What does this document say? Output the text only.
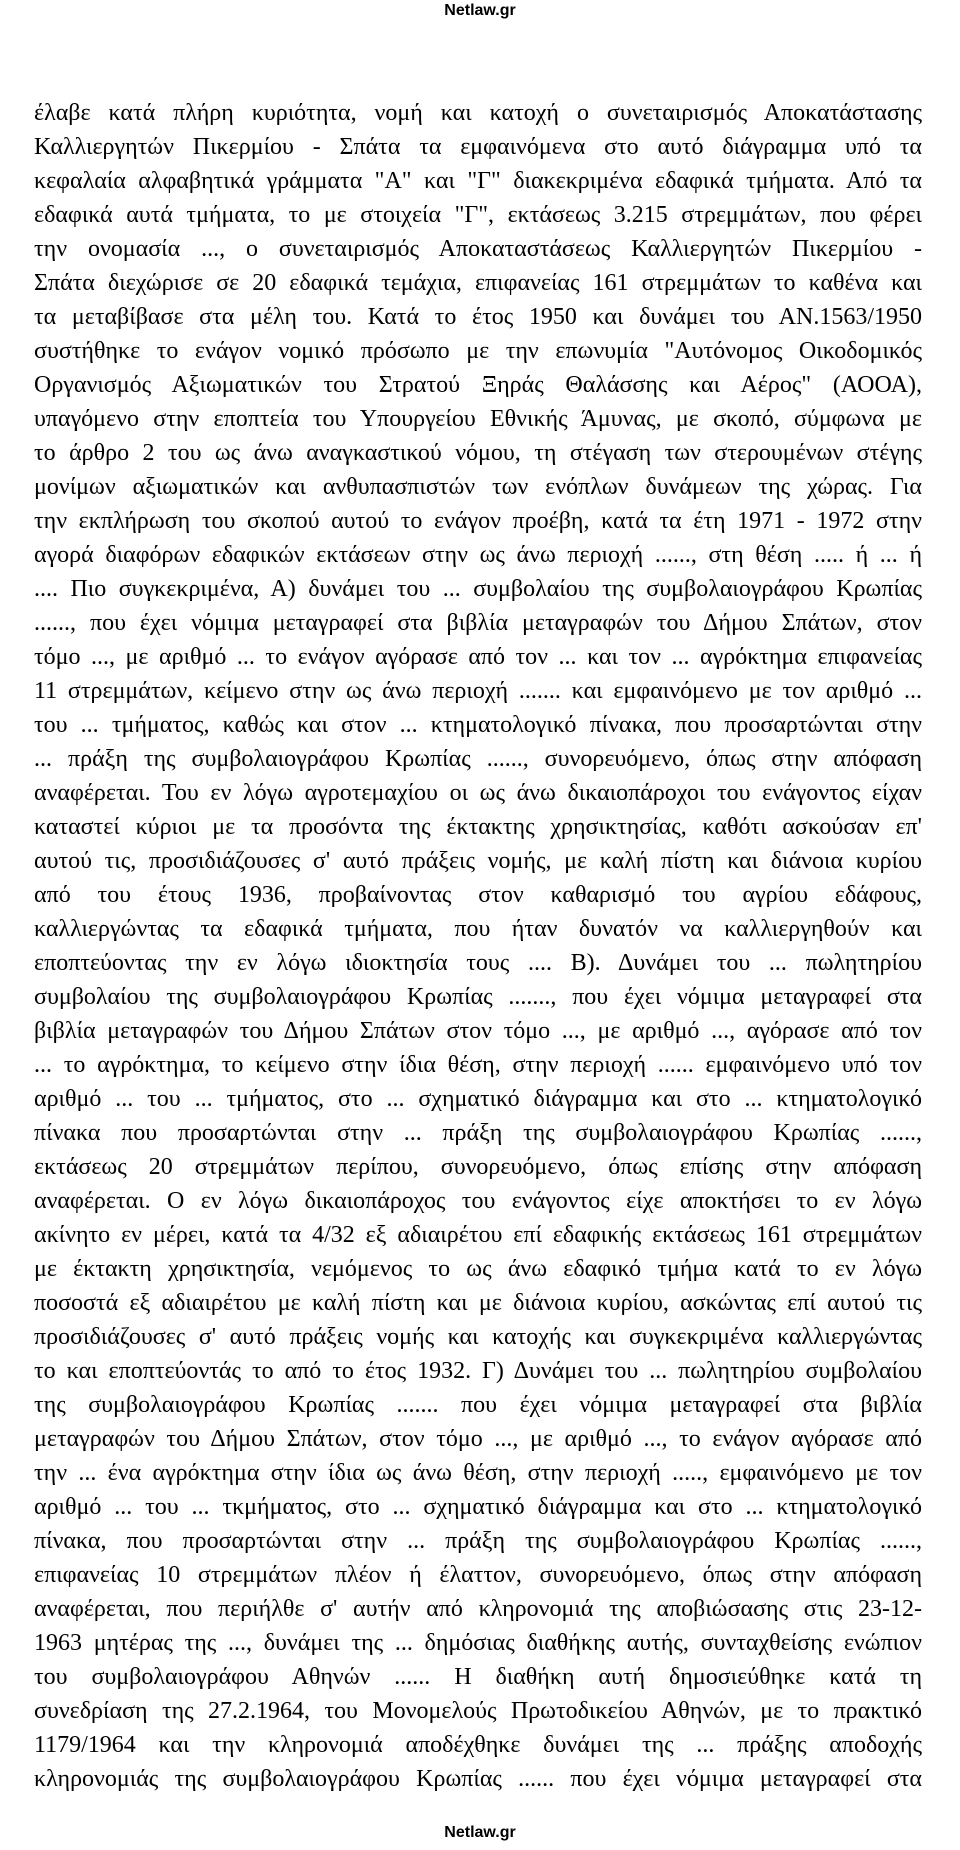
Netlaw.gr
έλαβε κατά πλήρη κυριότητα, νομή και κατοχή ο συνεταιρισμός Αποκατάστασης
Καλλιεργητών Πικερμίου - Σπάτα τα εμφαινόμενα στο αυτό διάγραμμα υπό τα
κεφαλαία αλφαβητικά γράμματα "Α" και "Γ" διακεκριμένα εδαφικά τμήματα. Από τα
εδαφικά αυτά τμήματα, το με στοιχεία "Γ", εκτάσεως 3.215 στρεμμάτων, που φέρει
την ονομασία ..., ο συνεταιρισμός Αποκαταστάσεως Καλλιεργητών Πικερμίου -
Σπάτα διεχώρισε σε 20 εδαφικά τεμάχια, επιφανείας 161 στρεμμάτων το καθένα και
τα μεταβίβασε στα μέλη του. Κατά το έτος 1950 και δυνάμει του ΑΝ.1563/1950
συστήθηκε το ενάγον νομικό πρόσωπο με την επωνυμία "Αυτόνομος Οικοδομικός
Οργανισμός Αξιωματικών του Στρατού Ξηράς Θαλάσσης και Αέρος" (ΑΟΟΑ),
υπαγόμενο στην εποπτεία του Υπουργείου Εθνικής Άμυνας, με σκοπό, σύμφωνα με
το άρθρο 2 του ως άνω αναγκαστικού νόμου, τη στέγαση των στερουμένων στέγης
μονίμων αξιωματικών και ανθυπασπιστών των ενόπλων δυνάμεων της χώρας. Για
την εκπλήρωση του σκοπού αυτού το ενάγον προέβη, κατά τα έτη 1971 - 1972 στην
αγορά διαφόρων εδαφικών εκτάσεων στην ως άνω περιοχή ......, στη θέση ..... ή ... ή
.... Πιο συγκεκριμένα, Α) δυνάμει του ... συμβολαίου της συμβολαιογράφου Κρωπίας
......, που έχει νόμιμα μεταγραφεί στα βιβλία μεταγραφών του Δήμου Σπάτων, στον
τόμο ..., με αριθμό ... το ενάγον αγόρασε από τον ... και τον ... αγρόκτημα επιφανείας
11 στρεμμάτων, κείμενο στην ως άνω περιοχή ....... και εμφαινόμενο με τον αριθμό ...
του ... τμήματος, καθώς και στον ... κτηματολογικό πίνακα, που προσαρτώνται στην
... πράξη της συμβολαιογράφου Κρωπίας ......, συνορευόμενο, όπως στην απόφαση
αναφέρεται. Του εν λόγω αγροτεμαχίου οι ως άνω δικαιοπάροχοι του ενάγοντος είχαν
καταστεί κύριοι με τα προσόντα της έκτακτης χρησικτησίας, καθότι ασκούσαν επ'
αυτού τις, προσιδιάζουσες σ' αυτό πράξεις νομής, με καλή πίστη και διάνοια κυρίου
από του έτους 1936, προβαίνοντας στον καθαρισμό του αγρίου εδάφους,
καλλιεργώντας τα εδαφικά τμήματα, που ήταν δυνατόν να καλλιεργηθούν και
εποπτεύοντας την εν λόγω ιδιοκτησία τους .... Β). Δυνάμει του ... πωλητηρίου
συμβολαίου της συμβολαιογράφου Κρωπίας ......., που έχει νόμιμα μεταγραφεί στα
βιβλία μεταγραφών του Δήμου Σπάτων στον τόμο ..., με αριθμό ..., αγόρασε από τον
... το αγρόκτημα, το κείμενο στην ίδια θέση, στην περιοχή ...... εμφαινόμενο υπό τον
αριθμό ... του ... τμήματος, στο ... σχηματικό διάγραμμα και στο ... κτηματολογικό
πίνακα που προσαρτώνται στην ... πράξη της συμβολαιογράφου Κρωπίας ......,
εκτάσεως 20 στρεμμάτων περίπου, συνορευόμενο, όπως επίσης στην απόφαση
αναφέρεται. Ο εν λόγω δικαιοπάροχος του ενάγοντος είχε αποκτήσει το εν λόγω
ακίνητο εν μέρει, κατά τα 4/32 εξ αδιαιρέτου επί εδαφικής εκτάσεως 161 στρεμμάτων
με έκτακτη χρησικτησία, νεμόμενος το ως άνω εδαφικό τμήμα κατά το εν λόγω
ποσοστά εξ αδιαιρέτου με καλή πίστη και με διάνοια κυρίου, ασκώντας επί αυτού τις
προσιδιάζουσες σ' αυτό πράξεις νομής και κατοχής και συγκεκριμένα καλλιεργώντας
το και εποπτεύοντάς το από το έτος 1932. Γ) Δυνάμει του ... πωλητηρίου συμβολαίου
της συμβολαιογράφου Κρωπίας ....... που έχει νόμιμα μεταγραφεί στα βιβλία
μεταγραφών του Δήμου Σπάτων, στον τόμο ..., με αριθμό ..., το ενάγον αγόρασε από
την ... ένα αγρόκτημα στην ίδια ως άνω θέση, στην περιοχή ....., εμφαινόμενο με τον
αριθμό ... του ... τκμήματος, στο ... σχηματικό διάγραμμα και στο ... κτηματολογικό
πίνακα, που προσαρτώνται στην ... πράξη της συμβολαιογράφου Κρωπίας ......,
επιφανείας 10 στρεμμάτων πλέον ή έλαττον, συνορευόμενο, όπως στην απόφαση
αναφέρεται, που περιήλθε σ' αυτήν από κληρονομιά της αποβιώσασης στις 23-12-
1963 μητέρας της ..., δυνάμει της ... δημόσιας διαθήκης αυτής, συνταχθείσης ενώπιον
του συμβολαιογράφου Αθηνών ...... Η διαθήκη αυτή δημοσιεύθηκε κατά τη
συνεδρίαση της 27.2.1964, του Μονομελούς Πρωτοδικείου Αθηνών, με το πρακτικό
1179/1964 και την κληρονομιά αποδέχθηκε δυνάμει της ... πράξης αποδοχής
κληρονομιάς της συμβολαιογράφου Κρωπίας ...... που έχει νόμιμα μεταγραφεί στα
Netlaw.gr
